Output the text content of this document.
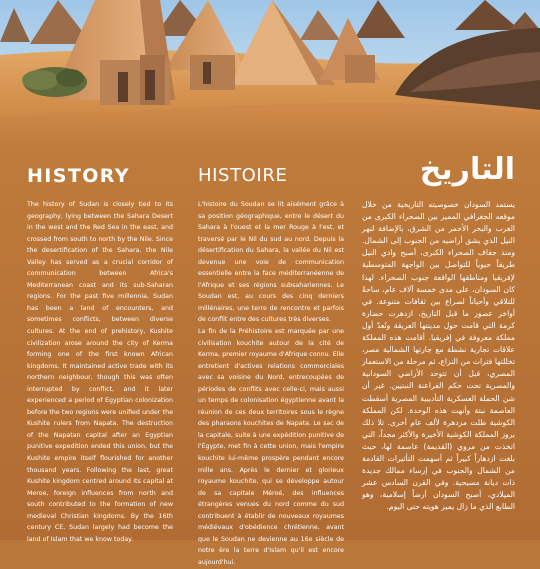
HISTORY

The history of Sudan is closely tied to its geography, lying between the Sahara Desert in the west and the Red Sea in the east, and crossed from south to north by the Nile. Since the desertification of the Sahara, the Nile Valley has served as a crucial corridor of communication between Africa's Mediterranean coast and its sub-Saharan regions. For the past five millennia, Sudan has been a land of encounters, and sometimes conflicts, between diverse cultures. At the end of prehistory, Kushite civilization arose around the city of Kerma forming one of the first known African kingdoms. It maintained active trade with its northern neighbour, though this was often interrupted by conflict, and it later experienced a period of Egyptian colonization before the two regions were unified under the Kushite rulers from Napata. The destruction of the Napatan capital after an Egyptian punitive expedition ended this union, but the Kushite empire itself flourished for another thousand years. Following the last, great Kushite kingdom centred around its capital at Meroe, foreign influences from north and south contributed to the formation of new medieval Christian kingdoms. By the 16th century CE, Sudan largely had become the land of Islam that we know today.

HISTOIRE

L'histoire du Soudan se lit aisément grâce à sa position géographique, entre le désert du Sahara à l'ouest et la mer Rouge à l'est, et traversé par le Nil du sud au nord. Depuis la désertification du Sahara, la vallée du Nil est devenue une voie de communication essentielle entre la face méditerranéenne de l'Afrique et ses régions subsahariennes. Le Soudan est, au cours des cinq derniers millénaires, une terre de rencontre et parfois de conflit entre des cultures très diverses.

La fin de la Préhistoire est marquée par une civilisation kouchite autour de la cité de Kerma, premier royaume d'Afrique connu. Elle entretient d'actives relations commerciales avec sa voisine du Nord, entrecoupées de périodes de conflits avec celle-ci, mais aussi un temps de colonisation égyptienne avant la réunion de ces deux territoires sous le règne des pharaons kouchites de Napata. Le sac de la capitale, suite à une expédition punitive de l'Égypte, met fin à cette union, mais l'empire kouchite lui-même prospère pendant encore mille ans. Après le dernier et glorieux royaume kouchite, qui se développe autour de sa capitale Méroé, des influences étrangères venues du nord comme du sud contribuent à établir de nouveaux royaumes médiévaux d'obédience chrétienne, avant que le Soudan ne devienne au 16e siècle de notre ère la terre d'Islam qu'il est encore aujourd'hui.

التاريخ

يستمد السودان خصوصيته التاريخية من خلال موقعه الجغرافي المميز بين الصحراء الكبرى من الغرب والبحر الأحمر من الشرق، بالإضافة لنهر النيل الذي يشق أراضيه من الجنوب إلى الشمال. ومنذ جفاف الصحراء الكبرى، أصبح وادي النيل طريقاً حيوياً للتواصل بين الواجهة المتوسطية لإفريقيا ومناطقها الواقعة جنوب الصحراء. لهذا كان السودان، على مدى خمسة آلاف عام، ساحةً للتلاقي وأحياناً لصراع بين ثقافات متنوعة. في أواخر عصور ما قبل التاريخ، ازدهرت حضارة كرمة التي قامت حول مدينتها العريقة وتُعدّ أول مملكة معروفة في إفريقيا. أقامت هذه المملكة علاقات تجارية نشطة مع جارتها الشمالية مصر، تخللتها فترات من النزاع، ثم مرحلة من الاستعمار المصري، قبل أن تتوحد الأراضي السودانية والمصرية تحت حكم الفراعنة النبتيين. غير أن شن الحملة العسكرية التأديبية المصرية أسقطت العاصمة نبتة وأنهت هذه الوحدة. لكن المملكة الكوشية ظلت مزدهرة لألف عام أخرى. تلا ذلك بروز المملكة الكوشية الأخيرة والأكثر مجداً، التي اتخذت من مروي (القديمة) عاصمة لها، حيث بلغت ازدهاراً كبيراً ثم أسهمت التأثيرات القادمة من الشمال والجنوب في إرساء ممالك جديدة ذات ديانة مسيحية. وفي القرن السادس عشر الميلادي، أصبح السودان أرضاً إسلامية، وهو الطابع الذي ما زال يميز هويته حتى اليوم.
